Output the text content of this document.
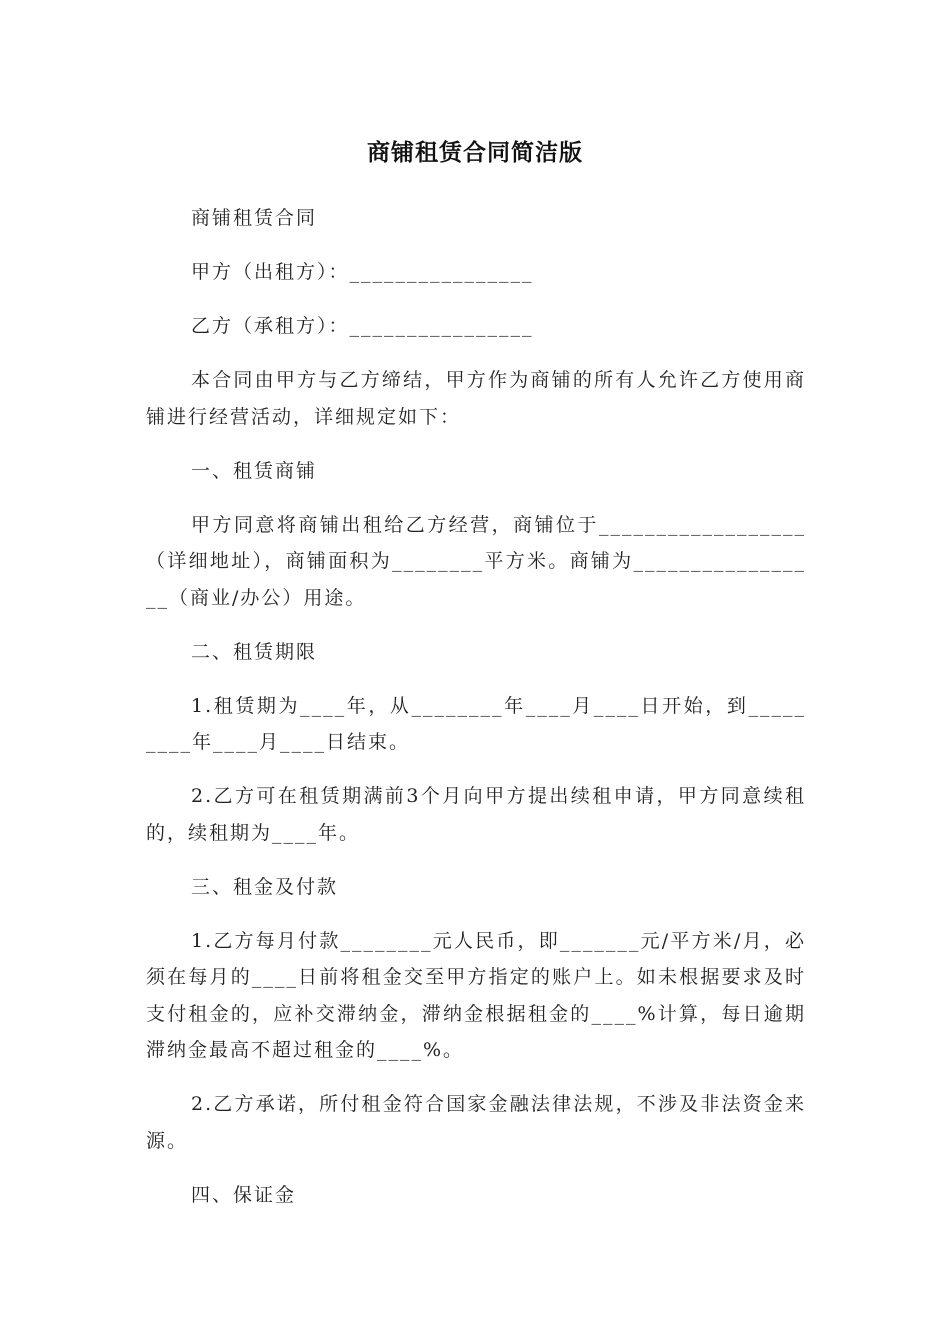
商铺租赁合同简洁版

商铺租赁合同

甲方（出租方）：________________

乙方（承租方）：________________

本合同由甲方与乙方缔结，甲方作为商铺的所有人允许乙方使用商铺进行经营活动，详细规定如下：

一、租赁商铺

甲方同意将商铺出租给乙方经营，商铺位于__________________（详细地址），商铺面积为________平方米。商铺为_________________（商业/办公）用途。

二、租赁期限

1.租赁期为____年，从________年____月____日开始，到_________年____月____日结束。

2.乙方可在租赁期满前3个月向甲方提出续租申请，甲方同意续租的，续租期为____年。

三、租金及付款

1.乙方每月付款________元人民币，即_______元/平方米/月，必须在每月的____日前将租金交至甲方指定的账户上。如未根据要求及时支付租金的，应补交滞纳金，滞纳金根据租金的____%计算，每日逾期滞纳金最高不超过租金的____%。

2.乙方承诺，所付租金符合国家金融法律法规，不涉及非法资金来源。

四、保证金
